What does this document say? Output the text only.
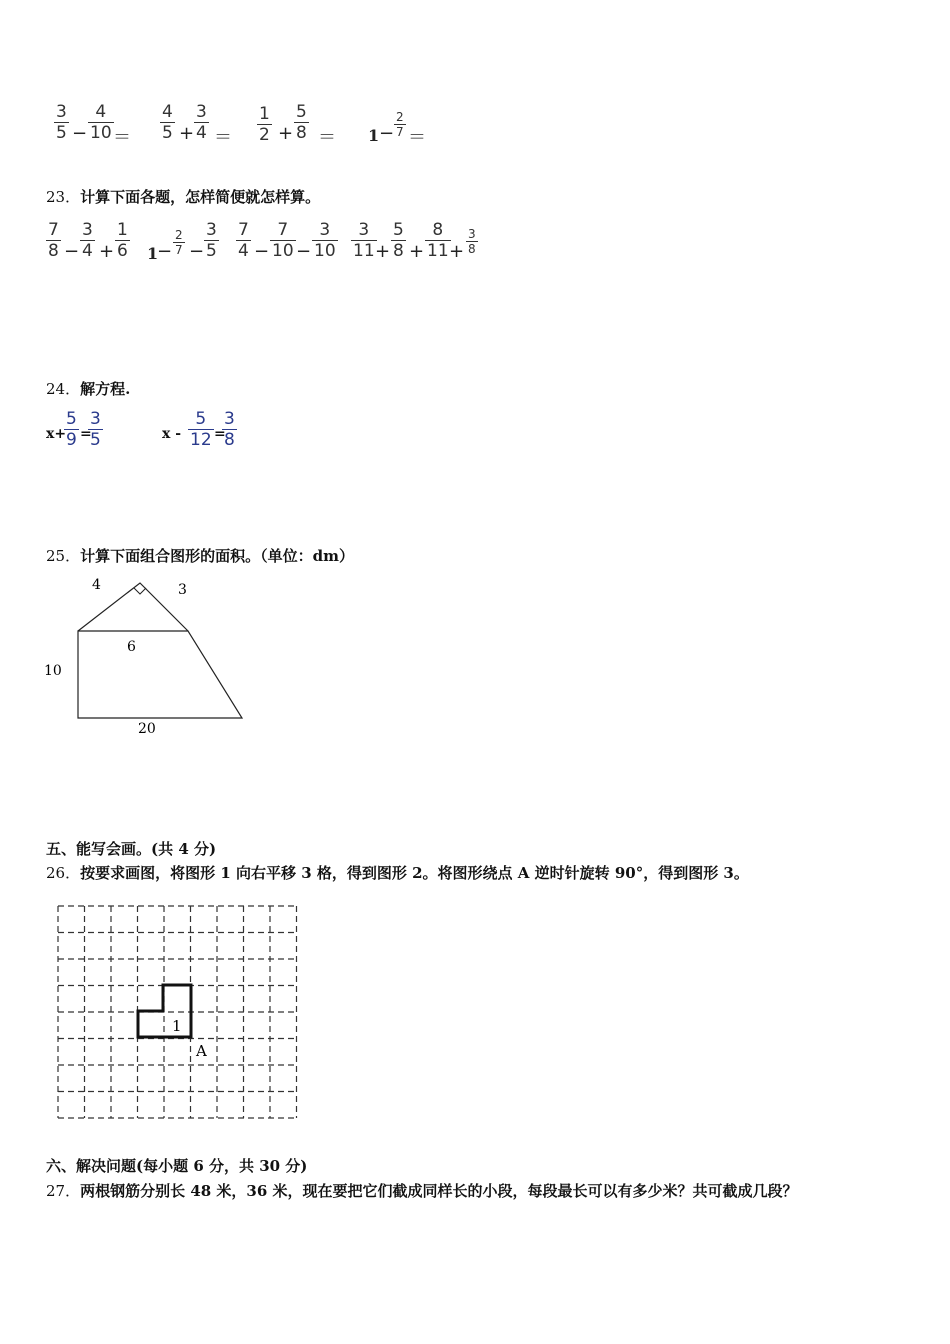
3
5 −
4
10 ＝
4
5 +
3
4 ＝
1
2 +
5
8 ＝ 1 −
2
7 ＝
23．计算下面各题，怎样简便就怎样算。
7
8 −
3
4 +
1
6 1
−
2
7 −
3
5
7
4 −
7
10 −
3
10
3
11 +
5
8 +
8
11 +
3
8
24．解方程.
x+
5
9 =
3
5	x -
5
12 =
3
8
25．计算下面组合图形的面积。（单位：dm）
4	3
6
10
20
五、能写会画。(共 4 分)
26．按要求画图，将图形 1 向右平移 3 格，得到图形 2。将图形绕点 A 逆时针旋转 90°，得到图形 3。
1
A
六、解决问题(每小题 6 分，共 30 分)
27．两根钢筋分别长 48 米，36 米，现在要把它们截成同样长的小段，每段最长可以有多少米？共可截成几段？
